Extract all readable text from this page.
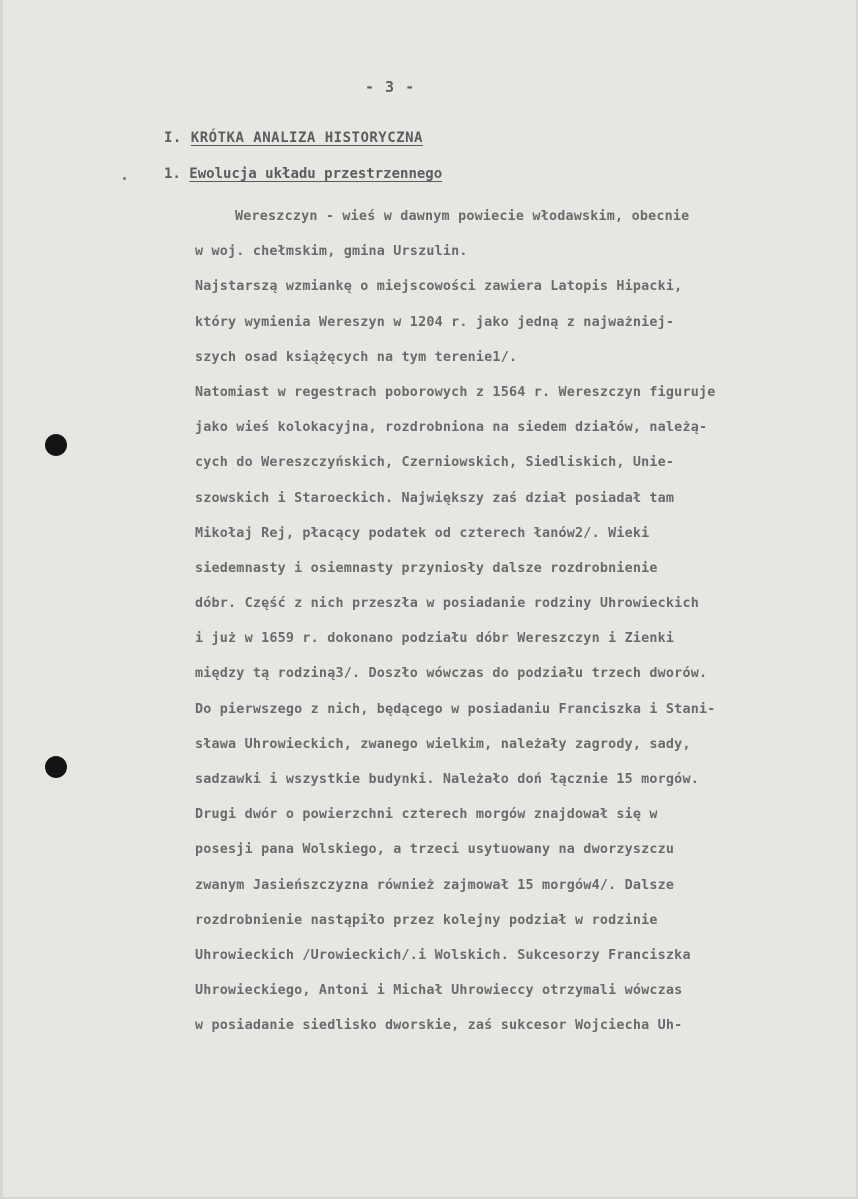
- 3 -
I. KRÓTKA ANALIZA HISTORYCZNA
1. Ewolucja układu przestrzennego
Wereszczyn - wieś w dawnym powiecie włodawskim, obecnie
w woj. chełmskim, gmina Urszulin.
Najstarszą wzmiankę o miejscowości zawiera Latopis Hipacki,
który wymienia Wereszyn w 1204 r. jako jedną z najważniej-
szych osad książęcych na tym terenie1/.
Natomiast w regestrach poborowych z 1564 r. Wereszczyn figuruje
jako wieś kolokacyjna, rozdrobniona na siedem działów, należą-
cych do Wereszczyńskich, Czerniowskich, Siedliskich, Unie-
szowskich i Staroeckich. Największy zaś dział posiadał tam
Mikołaj Rej, płacący podatek od czterech łanów2/. Wieki
siedemnasty i osiemnasty przyniosły dalsze rozdrobnienie
dóbr. Część z nich przeszła w posiadanie rodziny Uhrowieckich
i już w 1659 r. dokonano podziału dóbr Wereszczyn i Zienki
między tą rodziną3/. Doszło wówczas do podziału trzech dworów.
Do pierwszego z nich, będącego w posiadaniu Franciszka i Stani-
sława Uhrowieckich, zwanego wielkim, należały zagrody, sady,
sadzawki i wszystkie budynki. Należało doń łącznie 15 morgów.
Drugi dwór o powierzchni czterech morgów znajdował się w
posesji pana Wolskiego, a trzeci usytuowany na dworzyszczu
zwanym Jasieńszczyzna również zajmował 15 morgów4/. Dalsze
rozdrobnienie nastąpiło przez kolejny podział w rodzinie
Uhrowieckich /Urowieckich/.i Wolskich. Sukcesorzy Franciszka
Uhrowieckiego, Antoni i Michał Uhrowieccy otrzymali wówczas
w posiadanie siedlisko dworskie, zaś sukcesor Wojciecha Uh-
